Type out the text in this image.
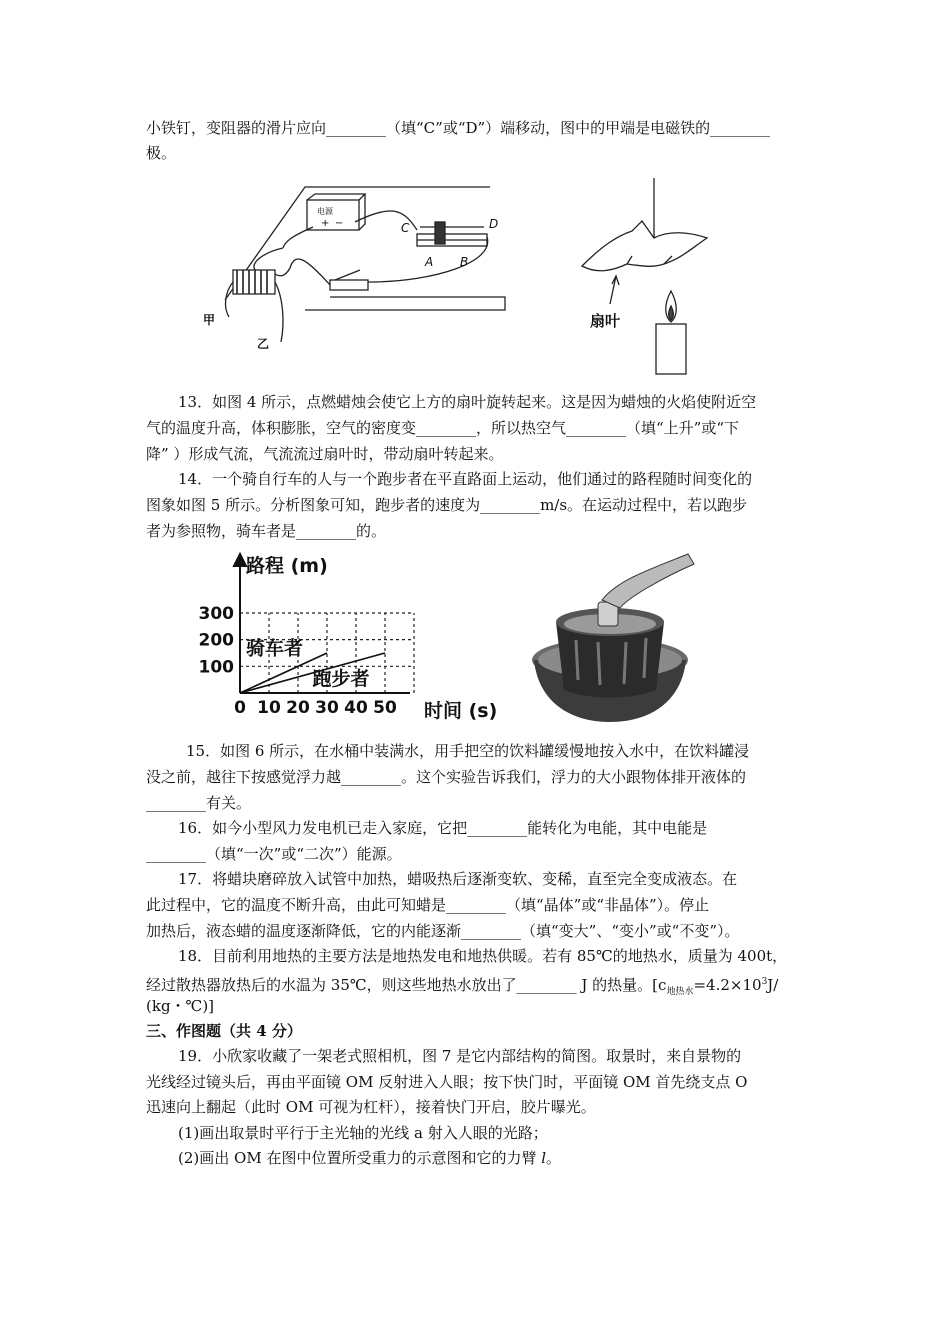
小铁钉，变阻器的滑片应向________（填“C”或“D”）端移动，图中的甲端是电磁铁的________
极。
电源
+ −	C	D
A B
甲
乙
扇叶
13．如图 4 所示，点燃蜡烛会使它上方的扇叶旋转起来。这是因为蜡烛的火焰使附近空
气的温度升高，体积膨胀，空气的密度变________，所以热空气________（填“上升”或“下
降” ）形成气流，气流流过扇叶时，带动扇叶转起来。
14．一个骑自行车的人与一个跑步者在平直路面上运动，他们通过的路程随时间变化的
图象如图 5 所示。分析图象可知，跑步者的速度为________m/s。在运动过程中，若以跑步
者为参照物，骑车者是________的。
100
200
300
0 10 20 30 40 50
路程 (m)
时间 (s)
骑车者
跑步者
15．如图 6 所示，在水桶中装满水，用手把空的饮料罐缓慢地按入水中，在饮料罐浸
没之前，越往下按感觉浮力越________。这个实验告诉我们，浮力的大小跟物体排开液体的
________有关。
16．如今小型风力发电机已走入家庭，它把________能转化为电能，其中电能是
________（填“一次”或“二次”）能源。
17．将蜡块磨碎放入试管中加热，蜡吸热后逐渐变软、变稀，直至完全变成液态。在
此过程中，它的温度不断升高，由此可知蜡是________（填“晶体”或“非晶体”）。停止
加热后，液态蜡的温度逐渐降低，它的内能逐渐________（填“变大”、“变小”或“不变”）。
18．目前利用地热的主要方法是地热发电和地热供暖。若有 85℃的地热水，质量为 400t，
经过散热器放热后的水温为 35℃，则这些地热水放出了________ J 的热量。[$c_{地热水}=4.2\times 10^3J/$
(kg・℃)]
三、作图题（共 4 分）
19．小欣家收藏了一架老式照相机，图 7 是它内部结构的简图。取景时，来自景物的
光线经过镜头后，再由平面镜 OM 反射进入人眼；按下快门时，平面镜 OM 首先绕支点 O
迅速向上翻起（此时 OM 可视为杠杆），接着快门开启，胶片曝光。
(1)画出取景时平行于主光轴的光线 a 射入人眼的光路；
(2)画出 OM 在图中位置所受重力的示意图和它的力臂 l。
